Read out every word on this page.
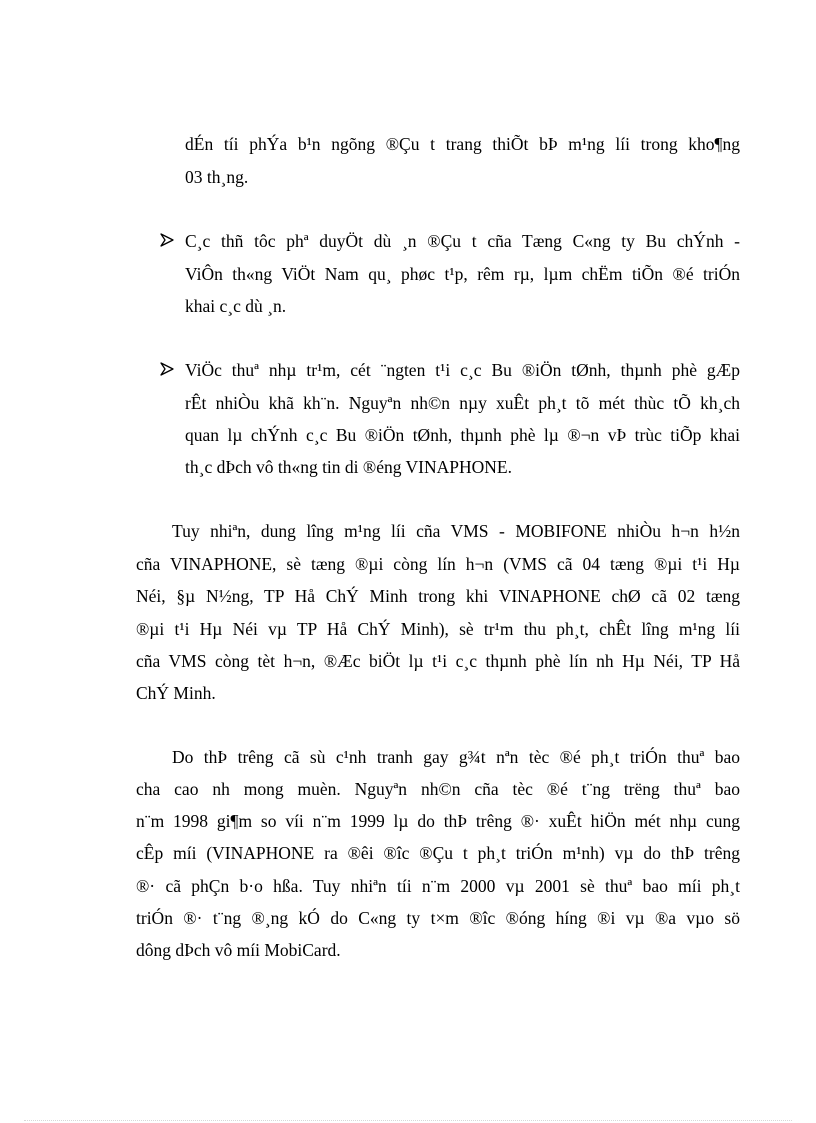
dÉn tíi phÝa b¹n ngõng ®Çu t trang thiÕt bÞ m¹ng líi trong kho¶ng
03 th¸ng.
C¸c thñ tôc phª duyÖt dù ¸n ®Çu t cña Tæng C«ng ty Bu chÝnh -
ViÔn th«ng ViÖt Nam qu¸ phøc t¹p, rêm rµ, lµm chËm tiÕn ®é triÓn
khai c¸c dù ¸n.
ViÖc thuª nhµ tr¹m, cét ¨ngten t¹i c¸c Bu ®iÖn tØnh, thµnh phè gÆp
rÊt nhiÒu khã kh¨n. Nguyªn nh©n nµy xuÊt ph¸t tõ mét thùc tÕ kh¸ch
quan lµ chÝnh c¸c Bu ®iÖn tØnh, thµnh phè lµ ®¬n vÞ trùc tiÕp khai
th¸c dÞch vô th«ng tin di ®éng VINAPHONE.
Tuy nhiªn, dung lîng m¹ng líi cña VMS - MOBIFONE nhiÒu h¬n h½n
cña VINAPHONE, sè tæng ®µi còng lín h¬n (VMS cã 04 tæng ®µi t¹i Hµ
Néi, §µ N½ng, TP Hå ChÝ Minh trong khi VINAPHONE chØ cã 02 tæng
®µi t¹i Hµ Néi vµ TP Hå ChÝ Minh), sè tr¹m thu ph¸t, chÊt lîng m¹ng líi
cña VMS còng tèt h¬n, ®Æc biÖt lµ t¹i c¸c thµnh phè lín nh Hµ Néi, TP Hå
ChÝ Minh.
Do thÞ trêng cã sù c¹nh tranh gay g¾t nªn tèc ®é ph¸t triÓn thuª bao
cha cao nh mong muèn. Nguyªn nh©n cña tèc ®é t¨ng trëng thuª bao
n¨m 1998 gi¶m so víi n¨m 1999 lµ do thÞ trêng ®· xuÊt hiÖn mét nhµ cung
cÊp míi (VINAPHONE ra ®êi ®îc ®Çu t ph¸t triÓn m¹nh) vµ do thÞ trêng
®· cã phÇn b·o hßa. Tuy nhiªn tíi n¨m 2000 vµ 2001 sè thuª bao míi ph¸t
triÓn ®· t¨ng ®¸ng kÓ do C«ng ty t×m ®îc ®óng híng ®i vµ ®a vµo sö
dông dÞch vô míi MobiCard.
